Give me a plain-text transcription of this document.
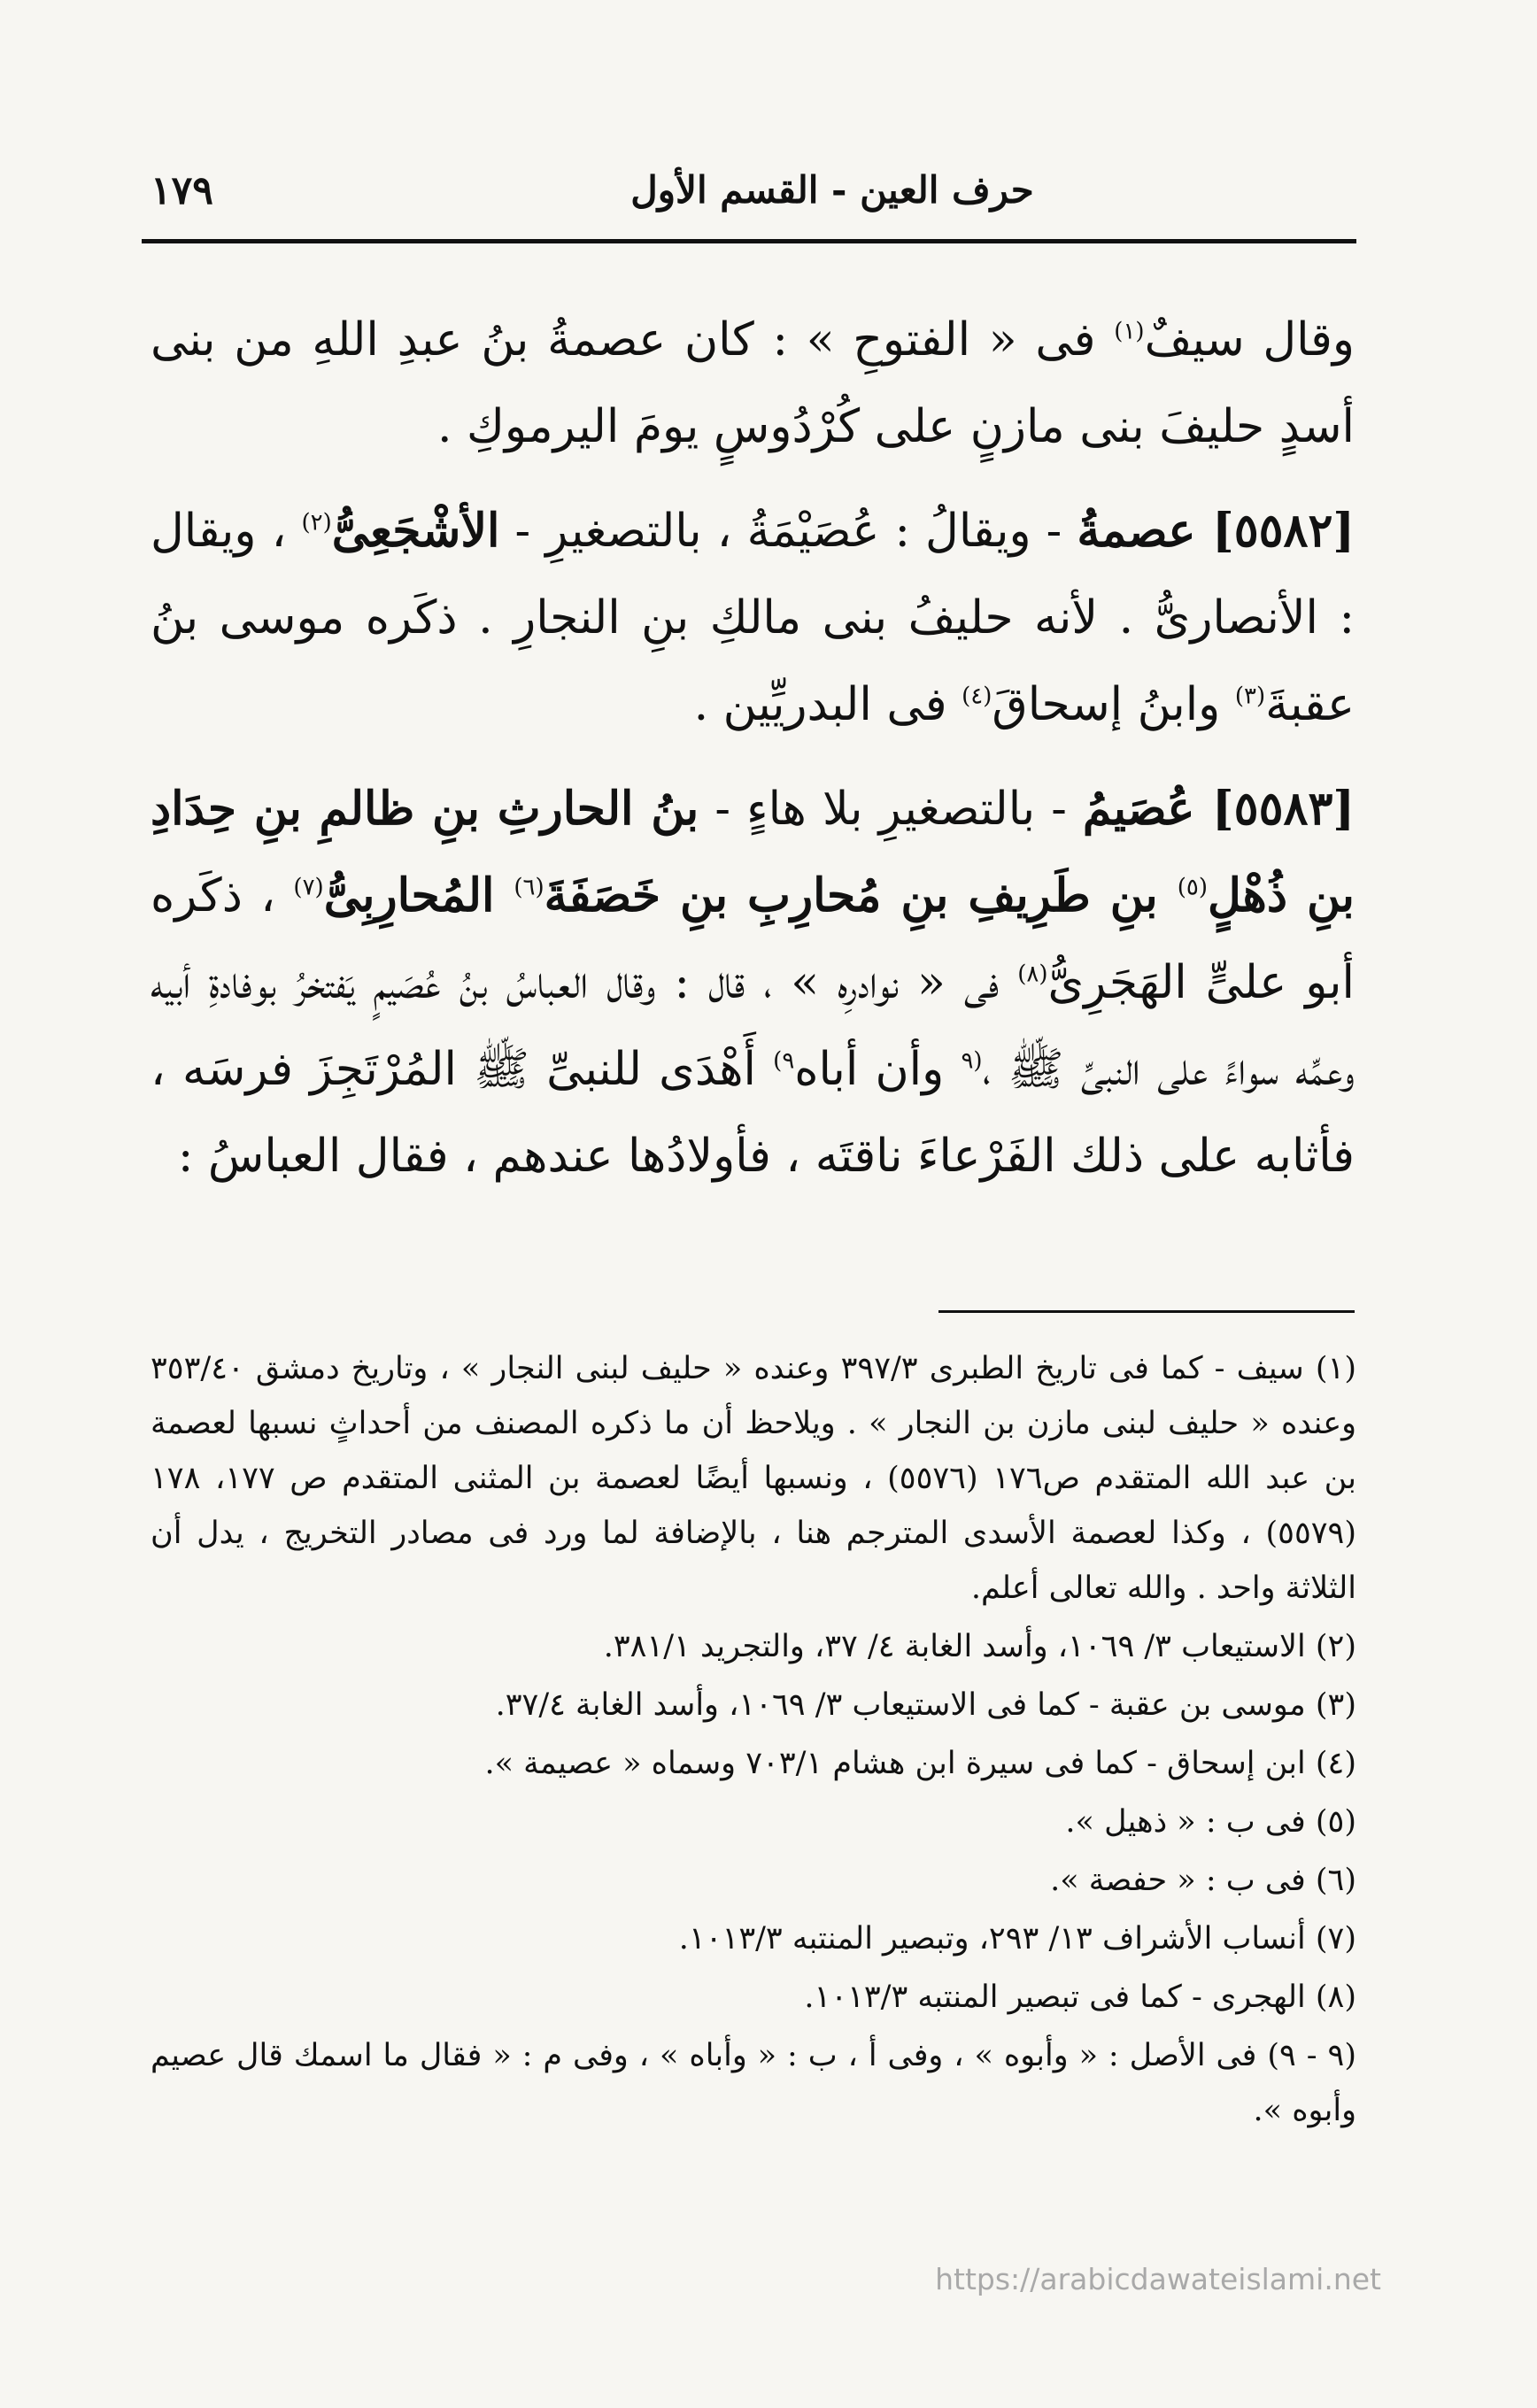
١٧٩	حرف العين - القسم الأول

وقال سيفٌ$^{(١)}$ فى « الفتوحِ » : كان عصمةُ بنُ عبدِ اللهِ من بنى أسدٍ حليفَ بنى مازنٍ على كُرْدُوسٍ يومَ اليرموكِ .

[٥٥٨٢] عصمةُ - ويقالُ : عُصَيْمَةُ ، بالتصغيرِ - الأشْجَعِىُّ$^{(٢)}$ ، ويقال : الأنصارىُّ . لأنه حليفُ بنى مالكِ بنِ النجارِ . ذكَره موسى بنُ عقبةَ$^{(٣)}$ وابنُ إسحاقَ$^{(٤)}$ فى البدريِّين .

[٥٥٨٣] عُصَيمُ - بالتصغيرِ بلا هاءٍ - بنُ الحارثِ بنِ ظالمِ بنِ حِدَادِ بنِ ذُهْلٍ$^{(٥)}$ بنِ طَرِيفِ بنِ مُحارِبِ بنِ خَصَفَةَ$^{(٦)}$ المُحارِبِىُّ$^{(٧)}$ ، ذكَره أبو علىٍّ الهَجَرِىُّ$^{(٨)}$ فى « نوادرِه » ، قال : وقال العباسُ بنُ عُصَيمٍ يَفتخرُ بوفادةِ أبيه وعمِّه سواءً على النبىِّ ﷺ ،$^{(٩}$ وأن أباه$^{٩)}$ أَهْدَى للنبىِّ ﷺ المُرْتَجِزَ فرسَه ، فأثابه على ذلك الفَرْعاءَ ناقتَه ، فأولادُها عندهم ، فقال العباسُ :

(١) سيف - كما فى تاريخ الطبرى ٣٩٧/٣ وعنده « حليف لبنى النجار » ، وتاريخ دمشق ٣٥٣/٤٠ وعنده « حليف لبنى مازن بن النجار » . ويلاحظ أن ما ذكره المصنف من أحداثٍ نسبها لعصمة بن عبد الله المتقدم ص١٧٦ (٥٥٧٦) ، ونسبها أيضًا لعصمة بن المثنى المتقدم ص ١٧٧، ١٧٨ (٥٥٧٩) ، وكذا لعصمة الأسدى المترجم هنا ، بالإضافة لما ورد فى مصادر التخريج ، يدل أن الثلاثة واحد . والله تعالى أعلم.

(٢) الاستيعاب ٣/ ١٠٦٩، وأسد الغابة ٤/ ٣٧، والتجريد ٣٨١/١.

(٣) موسى بن عقبة - كما فى الاستيعاب ٣/ ١٠٦٩، وأسد الغابة ٣٧/٤.

(٤) ابن إسحاق - كما فى سيرة ابن هشام ٧٠٣/١ وسماه « عصيمة ».

(٥) فى ب : « ذهيل ».

(٦) فى ب : « حفصة ».

(٧) أنساب الأشراف ١٣/ ٢٩٣، وتبصير المنتبه ١٠١٣/٣.

(٨) الهجرى - كما فى تبصير المنتبه ١٠١٣/٣.

(٩ - ٩) فى الأصل : « وأبوه » ، وفى أ ، ب : « وأباه » ، وفى م : « فقال ما اسمك قال عصيم وأبوه ».

https://arabicdawateislami.net
